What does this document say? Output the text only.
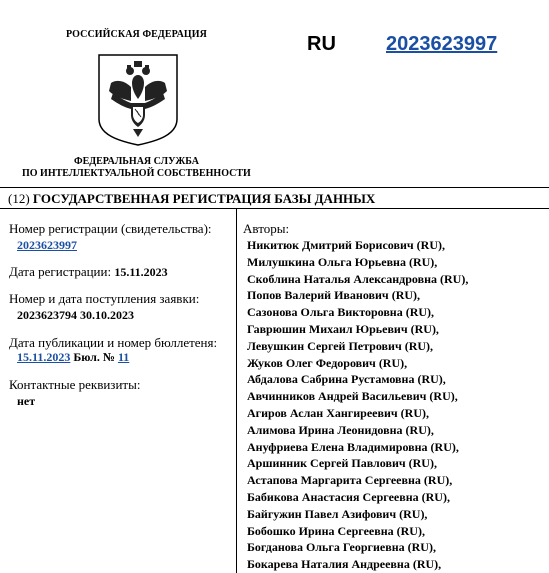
РОССИЙСКАЯ ФЕДЕРАЦИЯ
ФЕДЕРАЛЬНАЯ СЛУЖБА
ПО ИНТЕЛЛЕКТУАЛЬНОЙ СОБСТВЕННОСТИ
RU	2023623997
(12) ГОСУДАРСТВЕННАЯ РЕГИСТРАЦИЯ БАЗЫ ДАННЫХ
Номер регистрации (свидетельства):
2023623997
Дата регистрации: 15.11.2023
Номер и дата поступления заявки:
2023623794 30.10.2023
Дата публикации и номер бюллетеня:
15.11.2023 Бюл. № 11
Контактные реквизиты:
нет
Авторы:
Никитюк Дмитрий Борисович (RU),
Милушкина Ольга Юрьевна (RU),
Скоблина Наталья Александровна (RU),
Попов Валерий Иванович (RU),
Сазонова Ольга Викторовна (RU),
Гаврюшин Михаил Юрьевич (RU),
Левушкин Сергей Петрович (RU),
Жуков Олег Федорович (RU),
Абдалова Сабрина Рустамовна (RU),
Авчинников Андрей Васильевич (RU),
Агиров Аслан Хангиреевич (RU),
Алимова Ирина Леонидовна (RU),
Ануфриева Елена Владимировна (RU),
Аршинник Сергей Павлович (RU),
Астапова Маргарита Сергеевна (RU),
Бабикова Анастасия Сергеевна (RU),
Байгужин Павел Азифович (RU),
Бобошко Ирина Сергеевна (RU),
Богданова Ольга Георгиевна (RU),
Бокарева Наталия Андреевна (RU),
